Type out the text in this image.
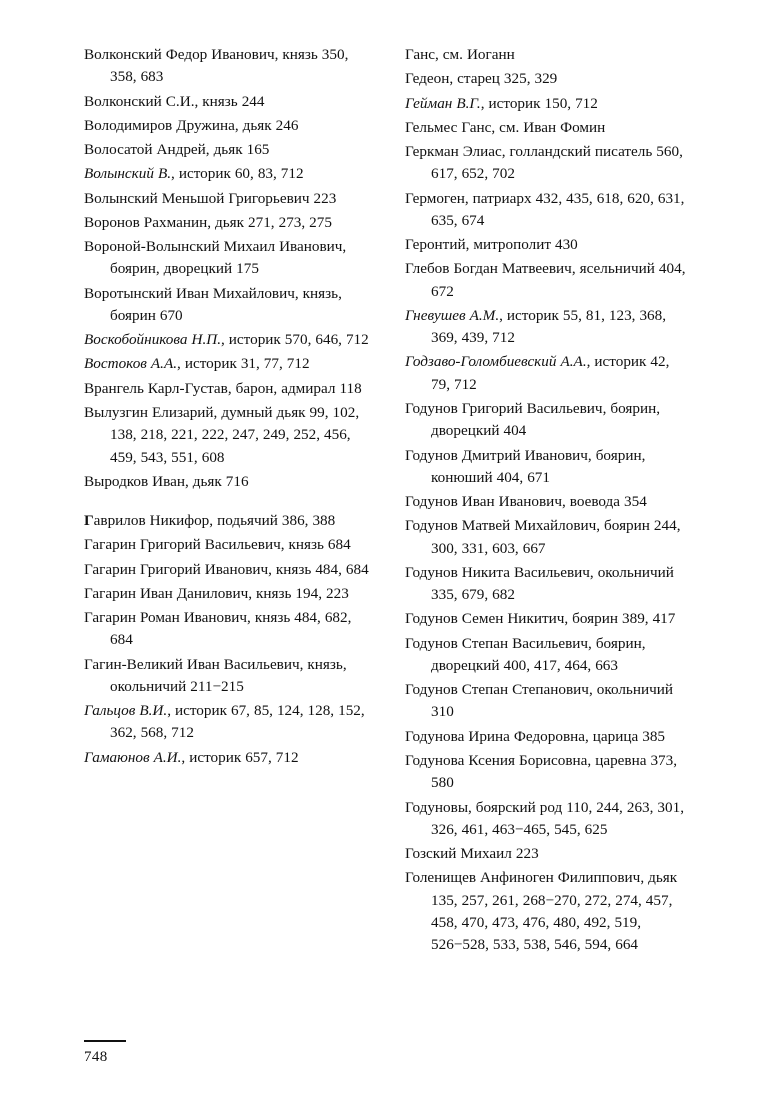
Волконский Федор Иванович, князь 350, 358, 683

Волконский С.И., князь 244

Володимиров Дружина, дьяк 246

Волосатой Андрей, дьяк 165

Волынский В., историк 60, 83, 712

Волынский Меньшой Григорьевич 223

Воронов Рахманин, дьяк 271, 273, 275

Вороной-Волынский Михаил Иванович, боярин, дворецкий 175

Воротынский Иван Михайлович, князь, боярин 670

Воскобойникова Н.П., историк 570, 646, 712

Востоков А.А., историк 31, 77, 712

Врангель Карл-Густав, барон, адмирал 118

Вылузгин Елизарий, думный дьяк 99, 102, 138, 218, 221, 222, 247, 249, 252, 456, 459, 543, 551, 608

Выродков Иван, дьяк 716

Гаврилов Никифор, подьячий 386, 388

Гагарин Григорий Васильевич, князь 684

Гагарин Григорий Иванович, князь 484, 684

Гагарин Иван Данилович, князь 194, 223

Гагарин Роман Иванович, князь 484, 682, 684

Гагин-Великий Иван Васильевич, князь, окольничий 211−215

Гальцов В.И., историк 67, 85, 124, 128, 152, 362, 568, 712

Гамаюнов А.И., историк 657, 712

Ганс, см. Иоганн

Гедеон, старец 325, 329

Гейман В.Г., историк 150, 712

Гельмес Ганс, см. Иван Фомин

Геркман Элиас, голландский писатель 560, 617, 652, 702

Гермоген, патриарх 432, 435, 618, 620, 631, 635, 674

Геронтий, митрополит 430

Глебов Богдан Матвеевич, ясельничий 404, 672

Гневушев А.М., историк 55, 81, 123, 368, 369, 439, 712

Годзаво-Голомбиевский А.А., историк 42, 79, 712

Годунов Григорий Васильевич, боярин, дворецкий 404

Годунов Дмитрий Иванович, боярин, конюший 404, 671

Годунов Иван Иванович, воевода 354

Годунов Матвей Михайлович, боярин 244, 300, 331, 603, 667

Годунов Никита Васильевич, окольничий 335, 679, 682

Годунов Семен Никитич, боярин 389, 417

Годунов Степан Васильевич, боярин, дворецкий 400, 417, 464, 663

Годунов Степан Степанович, окольничий 310

Годунова Ирина Федоровна, царица 385

Годунова Ксения Борисовна, царевна 373, 580

Годуновы, боярский род 110, 244, 263, 301, 326, 461, 463−465, 545, 625

Гозский Михаил 223

Голенищев Анфиноген Филиппович, дьяк 135, 257, 261, 268−270, 272, 274, 457, 458, 470, 473, 476, 480, 492, 519, 526−528, 533, 538, 546, 594, 664

748
